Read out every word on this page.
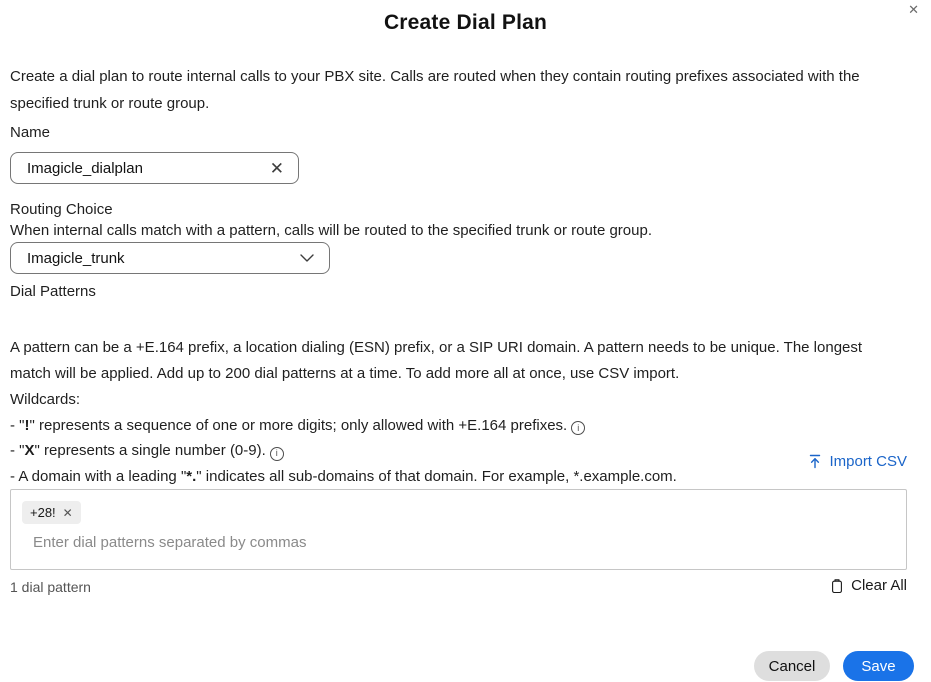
✕
Create Dial Plan

Create a dial plan to route internal calls to your PBX site. Calls are routed when they contain routing prefixes associated with the specified trunk or route group.

Name
Imagicle_dialplan	✕
Routing Choice
When internal calls match with a pattern, calls will be routed to the specified trunk or route group.
Imagicle_trunk
Dial Patterns

A pattern can be a +E.164 prefix, a location dialing (ESN) prefix, or a SIP URI domain. A pattern needs to be unique. The longest match will be applied. Add up to 200 dial patterns at a time. To add more all at once, use CSV import.

Wildcards:
- "!" represents a sequence of one or more digits; only allowed with +E.164 prefixes. i
- "X" represents a single number (0-9). i
- A domain with a leading "*." indicates all sub-domains of that domain. For example, *.example.com.
Import CSV
+28! ✕
Enter dial patterns separated by commas
1 dial pattern	Clear All
Cancel	Save
